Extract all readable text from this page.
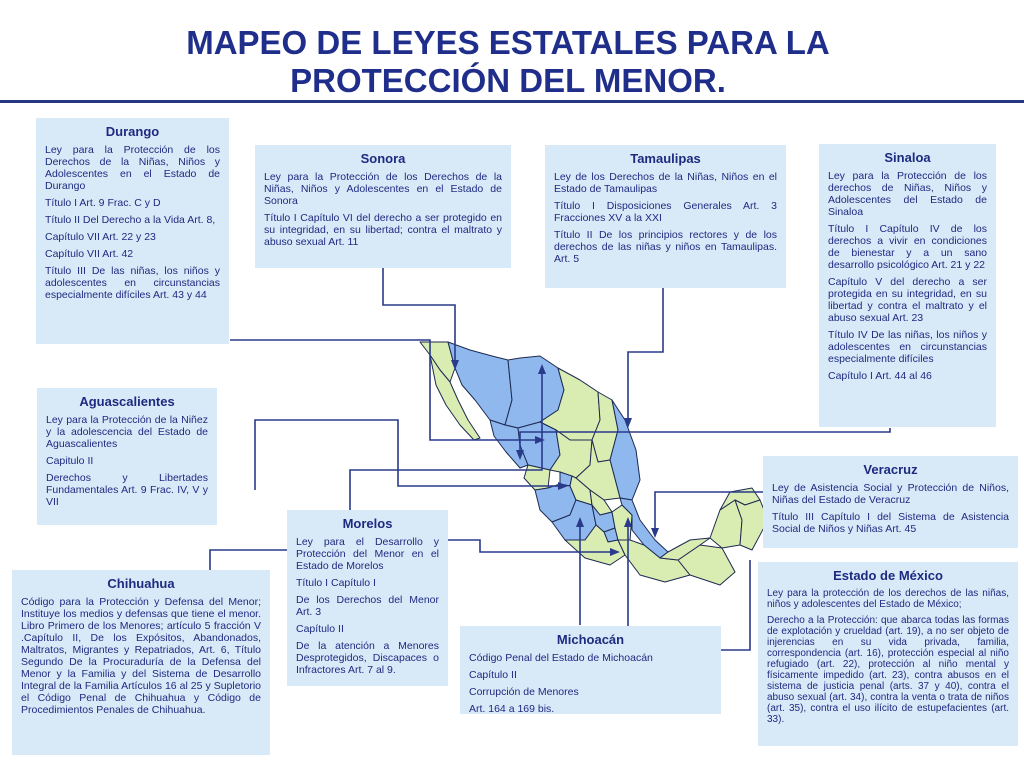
MAPEO DE LEYES ESTATALES PARA LA
PROTECCIÓN DEL MENOR.
Durango

Ley para la Protección de los Derechos de la Niñas, Niños y Adolescentes en el Estado de Durango

Título I Art. 9 Frac. C y D

Título II Del Derecho a la Vida Art. 8,

Capítulo VII Art. 22 y 23

Capítulo VII Art. 42

Título III De las niñas, los niños y adolescentes en circunstancias especialmente difíciles Art. 43 y 44

Sonora

Ley para la Protección de los Derechos de la Niñas, Niños y Adolescentes en el Estado de Sonora

Título I Capítulo VI del derecho a ser protegido en su integridad, en su libertad; contra el maltrato y abuso sexual Art. 11

Tamaulipas

Ley de los Derechos de la Niñas, Niños en el Estado de Tamaulipas

Título I Disposiciones Generales Art. 3 Fracciones XV a la XXI

Título II De los principios rectores y de los derechos de las niñas y niños en Tamaulipas. Art. 5

Sinaloa

Ley para la Protección de los derechos de Niñas, Niños y Adolescentes del Estado de Sinaloa

Título I Capítulo IV de los derechos a vivir en condiciones de bienestar y a un sano desarrollo psicológico Art. 21 y 22

Capítulo V del derecho a ser protegida en su integridad, en su libertad y contra el maltrato y el abuso sexual Art. 23

Título IV De las niñas, los niños y adolescentes en circunstancias especialmente difíciles

Capítulo I Art. 44 al 46

Aguascalientes

Ley para la Protección de la Niñez y la adolescencia del Estado de Aguascalientes

Capitulo II

Derechos y Libertades Fundamentales Art. 9 Frac. IV, V y VII

Veracruz

Ley de Asistencia Social y Protección de Niños, Niñas del Estado de Veracruz

Título III Capítulo I del Sistema de Asistencia Social de Niños y Niñas Art. 45

Morelos

Ley para el Desarrollo y Protección del Menor en el Estado de Morelos

Título I Capítulo I

De los Derechos del Menor Art. 3

Capítulo II

De la atención a Menores Desprotegidos, Discapaces o Infractores Art. 7 al 9.

Chihuahua

Código para la Protección y Defensa del Menor; Instituye los medios y defensas que tiene el menor. Libro Primero de los Menores; artículo 5 fracción V .Capítulo II, De los Expósitos, Abandonados, Maltratos, Migrantes y Repatriados, Art. 6, Título Segundo De la Procuraduría de la Defensa del Menor y la Familia y del Sistema de Desarrollo Integral de la Familia Artículos 16 al 25 y Supletorio el Código Penal de Chihuahua y Código de Procedimientos Penales de Chihuahua.

Michoacán

Código Penal del Estado de Michoacán

Capítulo II

Corrupción de Menores

Art. 164 a 169 bis.

Estado de México

Ley para la protección de los derechos de las niñas, niños y adolescentes del Estado de México;

Derecho a la Protección: que abarca todas las formas de explotación y crueldad (art. 19), a no ser objeto de injerencias en su vida privada, familia, correspondencia (art. 16), protección especial al niño refugiado (art. 22), protección al niño mental y físicamente impedido (art. 23), contra abusos en el sistema de justicia penal (arts. 37 y 40), contra el abuso sexual (art. 34), contra la venta o trata de niños (art. 35), contra el uso ilícito de estupefacientes (art. 33).
